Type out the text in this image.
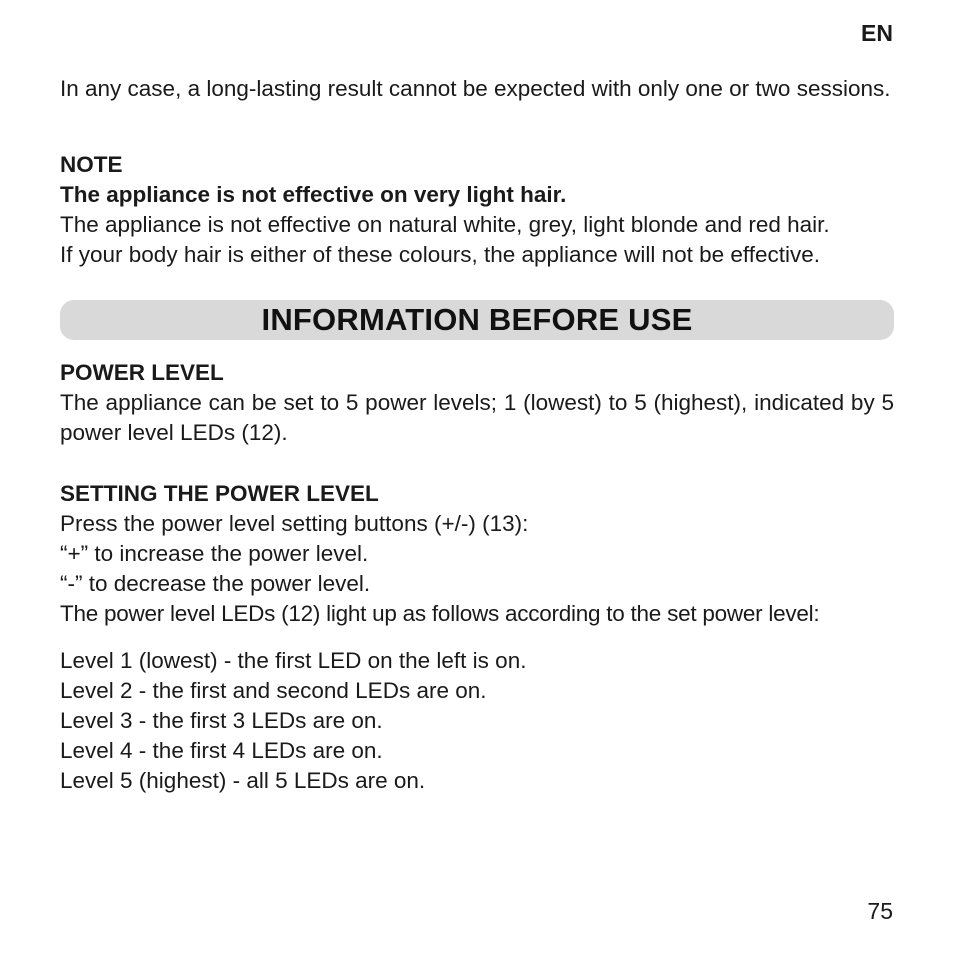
EN

In any case, a long-lasting result cannot be expected with only one or two sessions.

NOTE
The appliance is not effective on very light hair.
The appliance is not effective on natural white, grey, light blonde and red hair.
If your body hair is either of these colours, the appliance will not be effective.
INFORMATION BEFORE USE
POWER LEVEL
The appliance can be set to 5 power levels; 1 (lowest) to 5 (highest), indicated by 5 power level LEDs (12).
SETTING THE POWER LEVEL
Press the power level setting buttons (+/-) (13):
“+” to increase the power level.
“-” to decrease the power level.
The power level LEDs (12) light up as follows according to the set power level:
Level 1 (lowest) - the first LED on the left is on.
Level 2 - the first and second LEDs are on.
Level 3 - the first 3 LEDs are on.
Level 4 - the first 4 LEDs are on.
Level 5 (highest) - all 5 LEDs are on.
75
